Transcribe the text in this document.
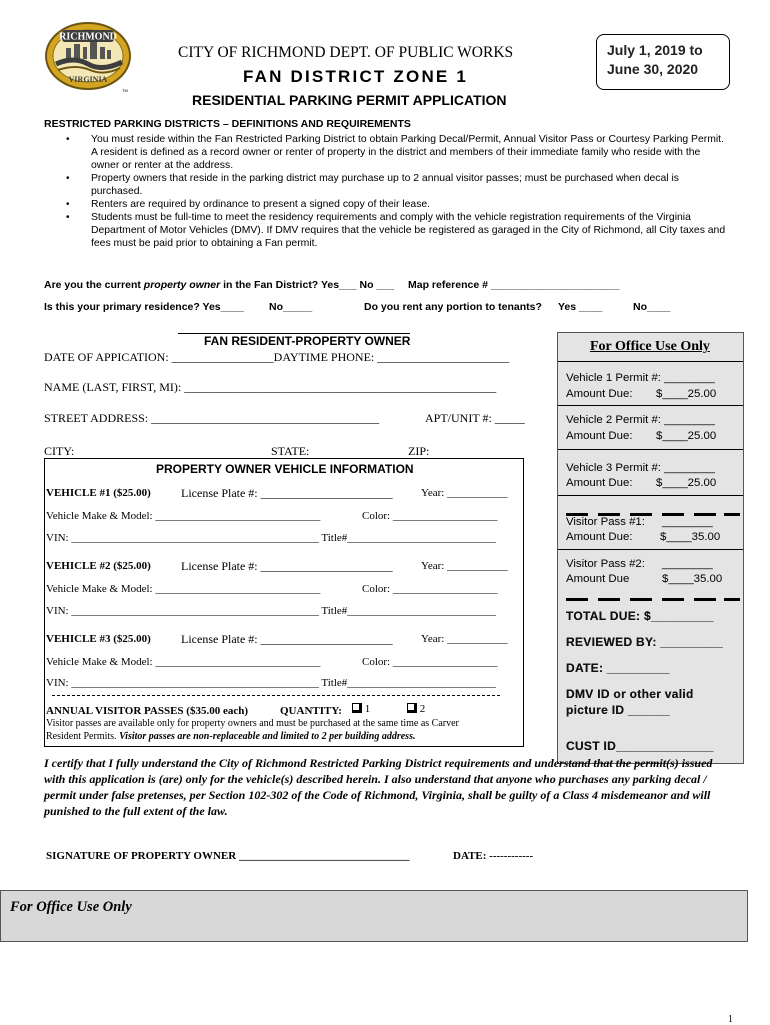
RICHMOND
VIRGINIA
TM
CITY OF RICHMOND DEPT. OF PUBLIC WORKS
FAN DISTRICT ZONE 1
July 1, 2019 to
June 30, 2020
RESIDENTIAL PARKING PERMIT APPLICATION
RESTRICTED PARKING DISTRICTS – DEFINITIONS AND REQUIREMENTS
• You must reside within the Fan Restricted Parking District to obtain Parking Decal/Permit, Annual Visitor Pass or Courtesy Parking Permit. A resident is defined as a record owner or renter of property in the district and members of their immediate family who reside with the owner or renter at the address.
• Property owners that reside in the parking district may purchase up to 2 annual visitor passes; must be purchased when decal is purchased.
• Renters are required by ordinance to present a signed copy of their lease.
• Students must be full-time to meet the residency requirements and comply with the vehicle registration requirements of the Virginia Department of Motor Vehicles (DMV). If DMV requires that the vehicle be registered as garaged in the City of Richmond, all City taxes and fees must be paid prior to obtaining a Fan permit.
Are you the current property owner in the Fan District? Yes___ No ___ Map reference # ______________________
Is this your primary residence? Yes____ No_____	Do you rent any portion to tenants? Yes ____	No____
FAN RESIDENT-PROPERTY OWNER
DATE OF APPICATION: _________________DAYTIME PHONE: ______________________
NAME (LAST, FIRST, MI): ____________________________________________________
STREET ADDRESS: ______________________________________	APT/UNIT #: _____
CITY:	STATE:	ZIP:
PROPERTY OWNER VEHICLE INFORMATION
VEHICLE #1 ($25.00)	License Plate #: ______________________	Year: ___________
Vehicle Make & Model: ______________________________	Color: ___________________
VIN: _____________________________________________ Title#___________________________
VEHICLE #2 ($25.00)	License Plate #: ______________________	Year: ___________
Vehicle Make & Model: ______________________________	Color: ___________________
VIN: _____________________________________________ Title#___________________________
VEHICLE #3 ($25.00)	License Plate #: ______________________	Year: ___________
Vehicle Make & Model: ______________________________	Color: ___________________
VIN: _____________________________________________ Title#___________________________
ANNUAL VISITOR PASSES ($35.00 each)	QUANTITY:	1	2
Visitor passes are available only for property owners and must be purchased at the same time as Carver
Resident Permits. Visitor passes are non-replaceable and limited to 2 per building address.
For Office Use Only
Vehicle 1 Permit #: ________
Amount Due: $____25.00
Vehicle 2 Permit #: ________
Amount Due: $____25.00
Vehicle 3 Permit #: ________
Amount Due: $____25.00
Visitor Pass #1: ________
Amount Due: $____35.00
Visitor Pass #2: ________
Amount Due	$____35.00
TOTAL DUE: $_________
REVIEWED BY: _________
DATE: _________
DMV ID or other valid
picture ID ______
CUST ID______________
I certify that I fully understand the City of Richmond Restricted Parking District requirements and understand that the permit(s) issued with this application is (are) only for the vehicle(s) described herein. I also understand that anyone who purchases any parking decal / permit under false pretenses, per Section 102-302 of the Code of Richmond, Virginia, shall be guilty of a Class 4 misdemeanor and will punished to the full extent of the law.
SIGNATURE OF PROPERTY OWNER _______________________________	DATE: ------------
For Office Use Only
1
